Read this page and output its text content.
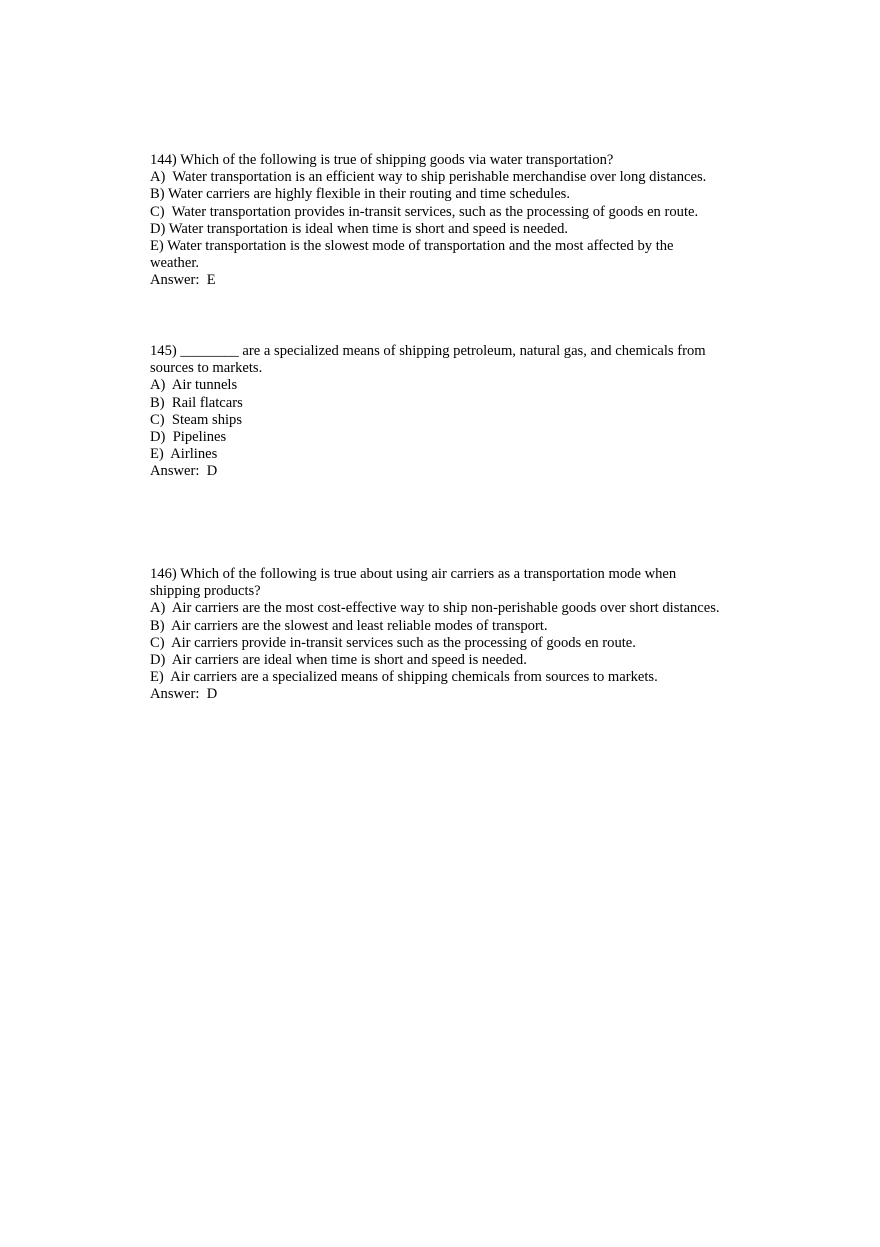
144) Which of the following is true of shipping goods via water transportation?
A)  Water transportation is an efficient way to ship perishable merchandise over long distances.
B) Water carriers are highly flexible in their routing and time schedules.
C)  Water transportation provides in-transit services, such as the processing of goods en route.
D) Water transportation is ideal when time is short and speed is needed.
E) Water transportation is the slowest mode of transportation and the most affected by the weather.
Answer:  E
145) ________ are a specialized means of shipping petroleum, natural gas, and chemicals from sources to markets.
A)  Air tunnels
B)  Rail flatcars
C)  Steam ships
D)  Pipelines
E)  Airlines
Answer:  D
146) Which of the following is true about using air carriers as a transportation mode when shipping products?
A)  Air carriers are the most cost-effective way to ship non-perishable goods over short distances.
B)  Air carriers are the slowest and least reliable modes of transport.
C)  Air carriers provide in-transit services such as the processing of goods en route.
D)  Air carriers are ideal when time is short and speed is needed.
E)  Air carriers are a specialized means of shipping chemicals from sources to markets.
Answer:  D
